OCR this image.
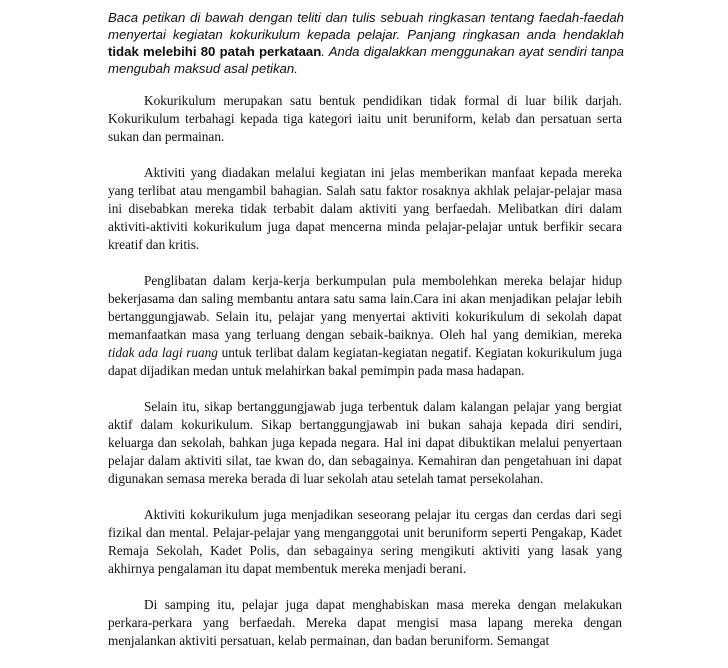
Baca petikan di bawah dengan teliti dan tulis sebuah ringkasan tentang faedah-faedah menyertai kegiatan kokurikulum kepada pelajar. Panjang ringkasan anda hendaklah tidak melebihi 80 patah perkataan. Anda digalakkan menggunakan ayat sendiri tanpa mengubah maksud asal petikan.

Kokurikulum merupakan satu bentuk pendidikan tidak formal di luar bilik darjah. Kokurikulum terbahagi kepada tiga kategori iaitu unit beruniform, kelab dan persatuan serta sukan dan permainan.

Aktiviti yang diadakan melalui kegiatan ini jelas memberikan manfaat kepada mereka yang terlibat atau mengambil bahagian. Salah satu faktor rosaknya akhlak pelajar-pelajar masa ini disebabkan mereka tidak terbabit dalam aktiviti yang berfaedah. Melibatkan diri dalam aktiviti-aktiviti kokurikulum juga dapat mencerna minda pelajar-pelajar untuk berfikir secara kreatif dan kritis.

Penglibatan dalam kerja-kerja berkumpulan pula membolehkan mereka belajar hidup bekerjasama dan saling membantu antara satu sama lain.Cara ini akan menjadikan pelajar lebih bertanggungjawab. Selain itu, pelajar yang menyertai aktiviti kokurikulum di sekolah dapat memanfaatkan masa yang terluang dengan sebaik-baiknya. Oleh hal yang demikian, mereka tidak ada lagi ruang untuk terlibat dalam kegiatan-kegiatan negatif. Kegiatan kokurikulum juga dapat dijadikan medan untuk melahirkan bakal pemimpin pada masa hadapan.

Selain itu, sikap bertanggungjawab juga terbentuk dalam kalangan pelajar yang bergiat aktif dalam kokurikulum. Sikap bertanggungjawab ini bukan sahaja kepada diri sendiri, keluarga dan sekolah, bahkan juga kepada negara. Hal ini dapat dibuktikan melalui penyertaan pelajar dalam aktiviti silat, tae kwan do, dan sebagainya. Kemahiran dan pengetahuan ini dapat digunakan semasa mereka berada di luar sekolah atau setelah tamat persekolahan.

Aktiviti kokurikulum juga menjadikan seseorang pelajar itu cergas dan cerdas dari segi fizikal dan mental. Pelajar-pelajar yang menganggotai unit beruniform seperti Pengakap, Kadet Remaja Sekolah, Kadet Polis, dan sebagainya sering mengikuti aktiviti yang lasak yang akhirnya pengalaman itu dapat membentuk mereka menjadi berani.

Di samping itu, pelajar juga dapat menghabiskan masa mereka dengan melakukan perkara-perkara yang berfaedah. Mereka dapat mengisi masa lapang mereka dengan menjalankan aktiviti persatuan, kelab permainan, dan badan beruniform. Semangat
